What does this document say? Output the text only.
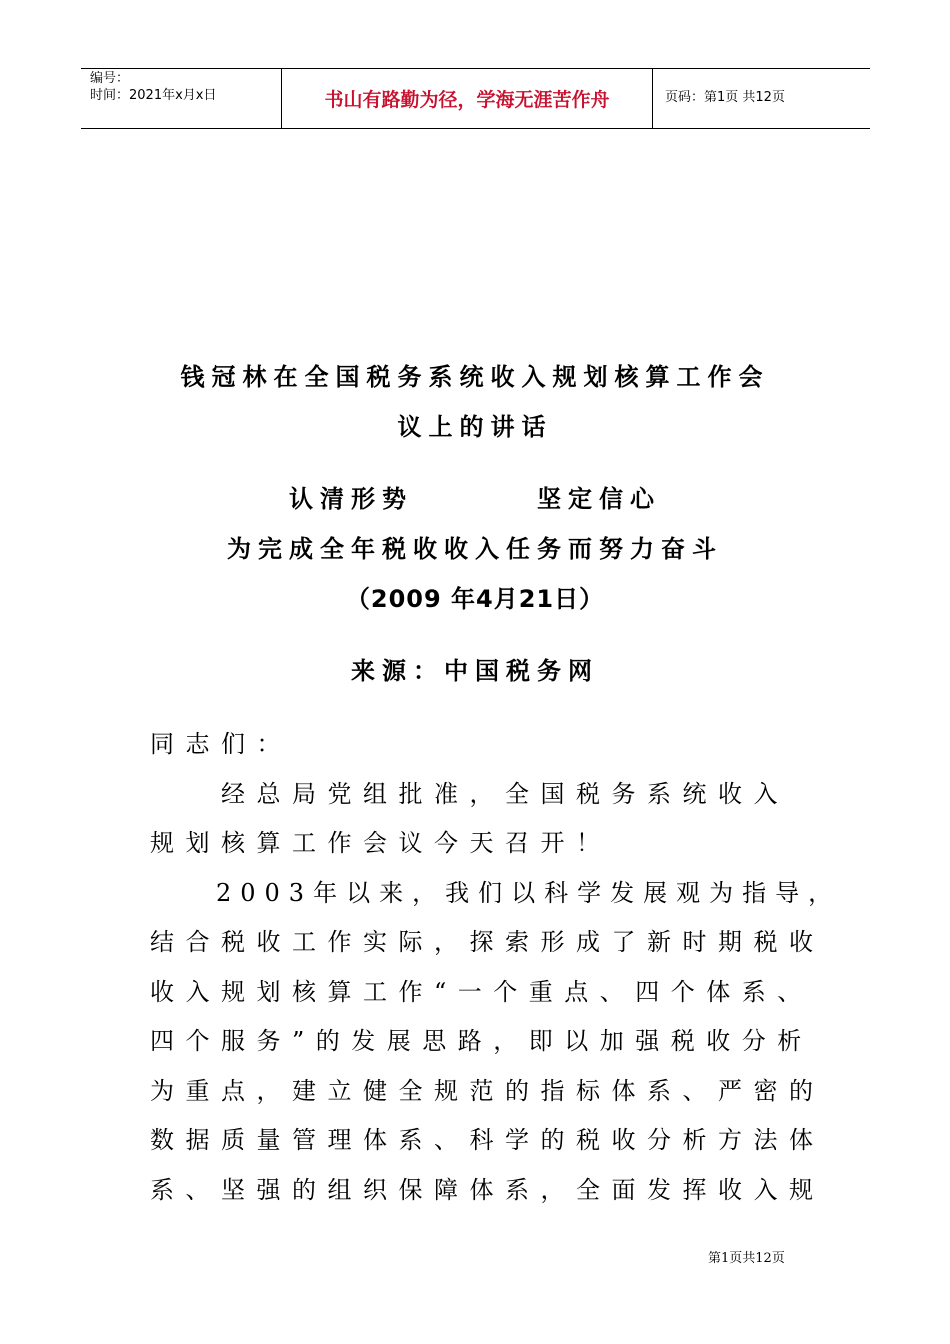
编号：
时间：2021年x月x日	书山有路勤为径，学海无涯苦作舟	页码：第1页 共12页
钱冠林在全国税务系统收入规划核算工作会
议上的讲话
认清形势　　　　坚定信心
为完成全年税收收入任务而努力奋斗
（2009 年4月21日）
来源：中国税务网
同志们：
　　经总局党组批准，全国税务系统收入
规划核算工作会议今天召开！
　　2003年以来，我们以科学发展观为指导，
结合税收工作实际，探索形成了新时期税收
收入规划核算工作“一个重点、四个体系、
四个服务”的发展思路，即以加强税收分析
为重点，建立健全规范的指标体系、严密的
数据质量管理体系、科学的税收分析方法体
系、坚强的组织保障体系，全面发挥收入规
第1页共12页
